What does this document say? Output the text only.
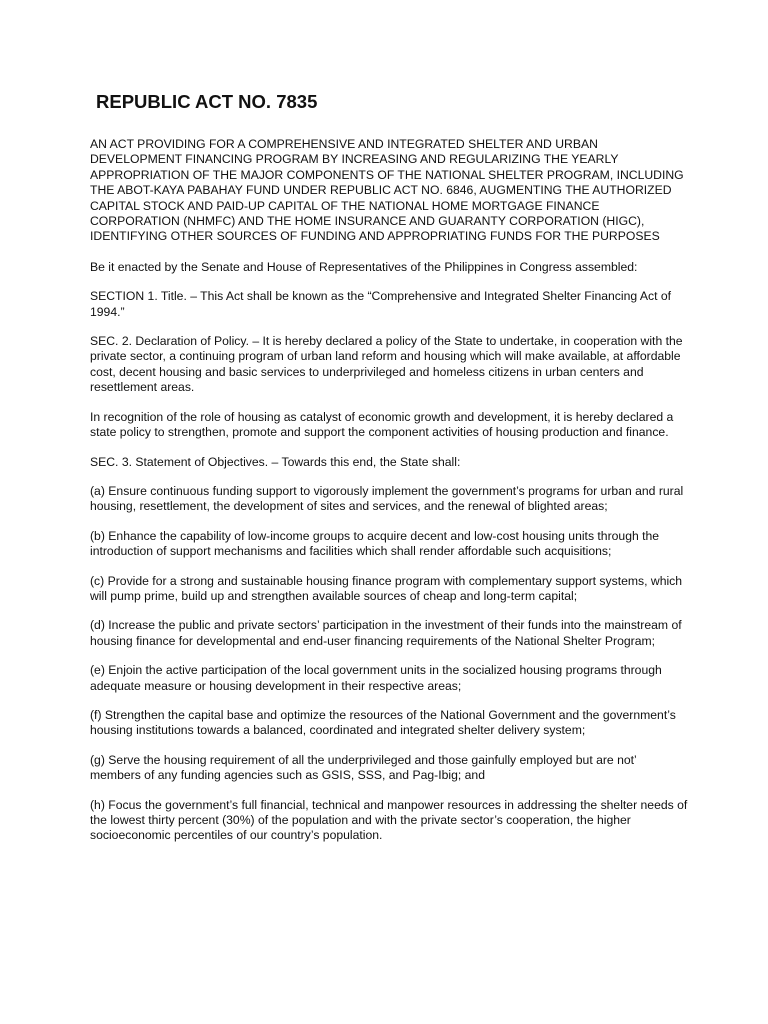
REPUBLIC ACT NO. 7835

AN ACT PROVIDING FOR A COMPREHENSIVE AND INTEGRATED SHELTER AND URBAN DEVELOPMENT FINANCING PROGRAM BY INCREASING AND REGULARIZING THE YEARLY APPROPRIATION OF THE MAJOR COMPONENTS OF THE NATIONAL SHELTER PROGRAM, INCLUDING THE ABOT-KAYA PABAHAY FUND UNDER REPUBLIC ACT NO. 6846, AUGMENTING THE AUTHORIZED CAPITAL STOCK AND PAID-UP CAPITAL OF THE NATIONAL HOME MORTGAGE FINANCE CORPORATION (NHMFC) AND THE HOME INSURANCE AND GUARANTY CORPORATION (HIGC), IDENTIFYING OTHER SOURCES OF FUNDING AND APPROPRIATING FUNDS FOR THE PURPOSES

Be it enacted by the Senate and House of Representatives of the Philippines in Congress assembled:

SECTION 1. Title. – This Act shall be known as the “Comprehensive and Integrated Shelter Financing Act of 1994.”

SEC. 2. Declaration of Policy. – It is hereby declared a policy of the State to undertake, in cooperation with the private sector, a continuing program of urban land reform and housing which will make available, at affordable cost, decent housing and basic services to underprivileged and homeless citizens in urban centers and resettlement areas.

In recognition of the role of housing as catalyst of economic growth and development, it is hereby declared a state policy to strengthen, promote and support the component activities of housing production and finance.

SEC. 3. Statement of Objectives. – Towards this end, the State shall:

(a) Ensure continuous funding support to vigorously implement the government’s programs for urban and rural housing, resettlement, the development of sites and services, and the renewal of blighted areas;

(b) Enhance the capability of low-income groups to acquire decent and low-cost housing units through the introduction of support mechanisms and facilities which shall render affordable such acquisitions;

(c) Provide for a strong and sustainable housing finance program with complementary support systems, which will pump prime, build up and strengthen available sources of cheap and long-term capital;

(d) Increase the public and private sectors’ participation in the investment of their funds into the mainstream of housing finance for developmental and end-user financing requirements of the National Shelter Program;

(e) Enjoin the active participation of the local government units in the socialized housing programs through adequate measure or housing development in their respective areas;

(f) Strengthen the capital base and optimize the resources of the National Government and the government’s housing institutions towards a balanced, coordinated and integrated shelter delivery system;

(g) Serve the housing requirement of all the underprivileged and those gainfully employed but are not’ members of any funding agencies such as GSIS, SSS, and Pag-Ibig; and

(h) Focus the government’s full financial, technical and manpower resources in addressing the shelter needs of the lowest thirty percent (30%) of the population and with the private sector’s cooperation, the higher socioeconomic percentiles of our country’s population.
